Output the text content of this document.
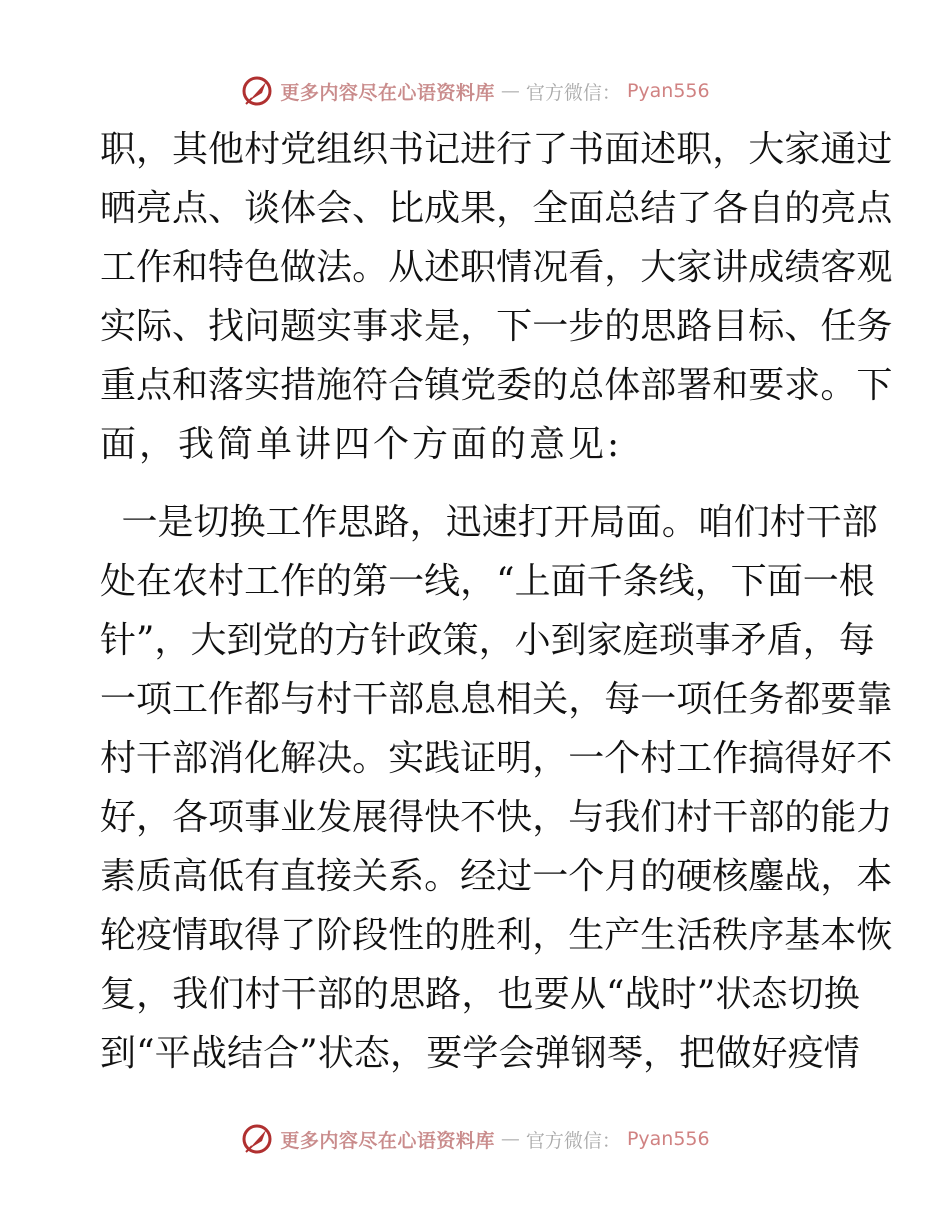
更多内容尽在心语资料库 — 官方微信： Pyan556
职 ， 其 他 村 党 组 织 书 记 进 行 了 书 面 述 职 ， 大 家 通 过
晒 亮 点 、 谈 体 会 、 比 成 果 ， 全 面 总 结 了 各 自 的 亮 点
工 作 和 特 色 做 法 。 从 述 职 情 况 看 ， 大 家 讲 成 绩 客 观
实 际 、 找 问 题 实 事 求 是 ， 下 一 步 的 思 路 目 标 、 任 务
重 点 和 落 实 措 施 符 合 镇 党 委 的 总 体 部 署 和 要 求 。 下
面，我简单讲四个方面的意见:

一 是 切 换 工 作 思 路 ， 迅 速 打 开 局 面 。 咱 们 村 干 部
处 在 农 村 工 作 的 第 一 线 ， “ 上 面 千 条 线 ， 下 面 一 根
针 ” ， 大 到 党 的 方 针 政 策 ， 小 到 家 庭 琐 事 矛 盾 ， 每
一 项 工 作 都 与 村 干 部 息 息 相 关 ， 每 一 项 任 务 都 要 靠
村 干 部 消 化 解 决 。 实 践 证 明 ， 一 个 村 工 作 搞 得 好 不
好 ， 各 项 事 业 发 展 得 快 不 快 ， 与 我 们 村 干 部 的 能 力
素 质 高 低 有 直 接 关 系 。 经 过 一 个 月 的 硬 核 鏖 战 ， 本
轮 疫 情 取 得 了 阶 段 性 的 胜 利 ， 生 产 生 活 秩 序 基 本 恢
复 ， 我 们 村 干 部 的 思 路 ， 也 要 从 “ 战 时 ” 状 态 切 换
到 “ 平 战 结 合 ” 状 态 ， 要 学 会 弹 钢 琴 ， 把 做 好 疫 情
更多内容尽在心语资料库 — 官方微信： Pyan556
